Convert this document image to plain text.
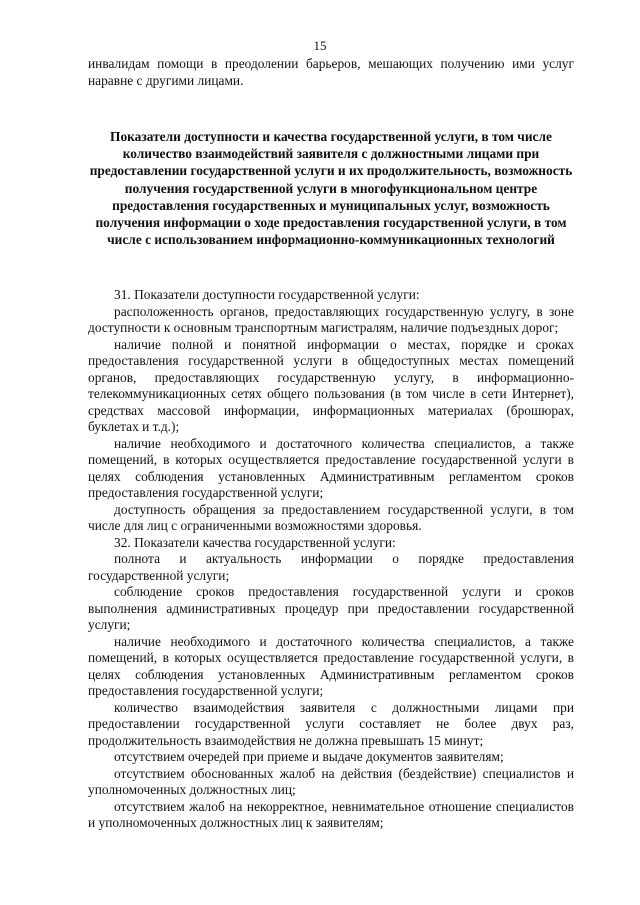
15

инвалидам помощи в преодолении барьеров, мешающих получению ими услуг наравне с другими лицами.

Показатели доступности и качества государственной услуги, в том числе количество взаимодействий заявителя с должностными лицами при предоставлении государственной услуги и их продолжительность, возможность получения государственной услуги в многофункциональном центре предоставления государственных и муниципальных услуг, возможность получения информации о ходе предоставления государственной услуги, в том числе с использованием информационно-коммуникационных технологий

31. Показатели доступности государственной услуги:

расположенность органов, предоставляющих государственную услугу, в зоне доступности к основным транспортным магистралям, наличие подъездных дорог;

наличие полной и понятной информации о местах, порядке и сроках предоставления государственной услуги в общедоступных местах помещений органов, предоставляющих государственную услугу, в информационно-телекоммуникационных сетях общего пользования (в том числе в сети Интернет), средствах массовой информации, информационных материалах (брошюрах, буклетах и т.д.);

наличие необходимого и достаточного количества специалистов, а также помещений, в которых осуществляется предоставление государственной услуги в целях соблюдения установленных Административным регламентом сроков предоставления государственной услуги;

доступность обращения за предоставлением государственной услуги, в том числе для лиц с ограниченными возможностями здоровья.

32. Показатели качества государственной услуги:

полнота и актуальность информации о порядке предоставления государственной услуги;

соблюдение сроков предоставления государственной услуги и сроков выполнения административных процедур при предоставлении государственной услуги;

наличие необходимого и достаточного количества специалистов, а также помещений, в которых осуществляется предоставление государственной услуги, в целях соблюдения установленных Административным регламентом сроков предоставления государственной услуги;

количество взаимодействия заявителя с должностными лицами при предоставлении государственной услуги составляет не более двух раз, продолжительность взаимодействия не должна превышать 15 минут;

отсутствием очередей при приеме и выдаче документов заявителям;

отсутствием обоснованных жалоб на действия (бездействие) специалистов и уполномоченных должностных лиц;

отсутствием жалоб на некорректное, невнимательное отношение специалистов и уполномоченных должностных лиц к заявителям;
